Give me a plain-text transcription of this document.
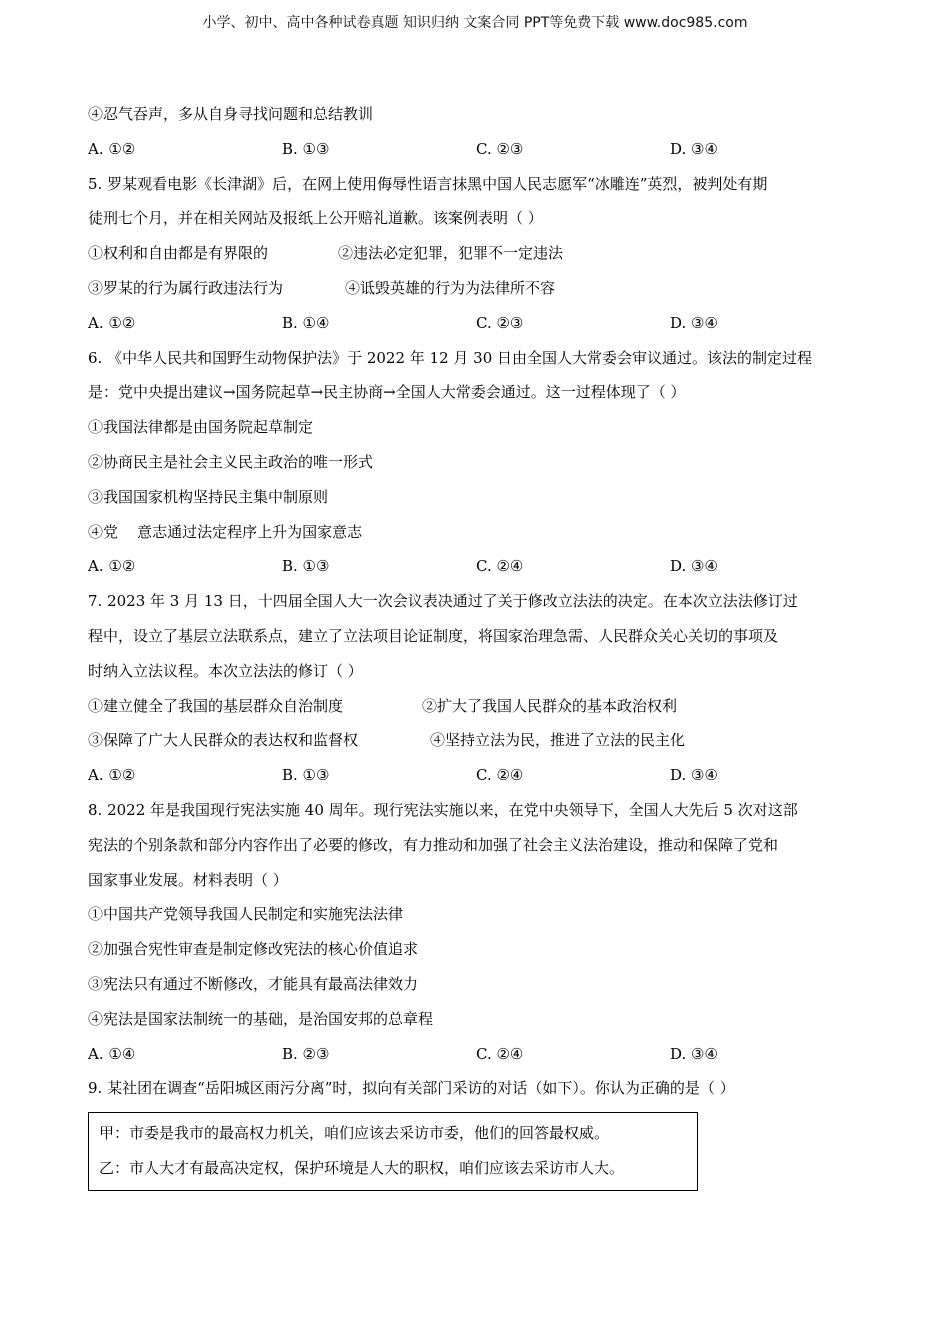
小学、初中、高中各种试卷真题 知识归纳 文案合同 PPT等免费下载 www.doc985.com
④忍气吞声，多从自身寻找问题和总结教训
A. ①②	B. ①③	C. ②③	D. ③④
5. 罗某观看电影《长津湖》后，在网上使用侮辱性语言抹黑中国人民志愿军“冰雕连”英烈，被判处有期
徒刑七个月，并在相关网站及报纸上公开赔礼道歉。该案例表明（ ）
①权利和自由都是有界限的	②违法必定犯罪，犯罪不一定违法
③罗某的行为属行政违法行为	④诋毁英雄的行为为法律所不容
A. ①②	B. ①④	C. ②③	D. ③④
6. 《中华人民共和国野生动物保护法》于 2022 年 12 月 30 日由全国人大常委会审议通过。该法的制定过程
是：党中央提出建议→国务院起草→民主协商→全国人大常委会通过。这一过程体现了（ ）
①我国法律都是由国务院起草制定
②协商民主是社会主义民主政治的唯一形式
③我国国家机构坚持民主集中制原则
④党    意志通过法定程序上升为国家意志
A. ①②	B. ①③	C. ②④	D. ③④
7. 2023 年 3 月 13 日，十四届全国人大一次会议表决通过了关于修改立法法的决定。在本次立法法修订过
程中，设立了基层立法联系点，建立了立法项目论证制度，将国家治理急需、人民群众关心关切的事项及
时纳入立法议程。本次立法法的修订（ ）
①建立健全了我国的基层群众自治制度	②扩大了我国人民群众的基本政治权利
③保障了广大人民群众的表达权和监督权	④坚持立法为民，推进了立法的民主化
A. ①②	B. ①③	C. ②④	D. ③④
8. 2022 年是我国现行宪法实施 40 周年。现行宪法实施以来，在党中央领导下，全国人大先后 5 次对这部
宪法的个别条款和部分内容作出了必要的修改，有力推动和加强了社会主义法治建设，推动和保障了党和
国家事业发展。材料表明（ ）
①中国共产党领导我国人民制定和实施宪法法律
②加强合宪性审查是制定修改宪法的核心价值追求
③宪法只有通过不断修改，才能具有最高法律效力
④宪法是国家法制统一的基础，是治国安邦的总章程
A. ①④	B. ②③	C. ②④	D. ③④
9. 某社团在调查“岳阳城区雨污分离”时，拟向有关部门采访的对话（如下）。你认为正确的是（ ）
甲：市委是我市的最高权力机关，咱们应该去采访市委，他们的回答最权威。
乙：市人大才有最高决定权，保护环境是人大的职权，咱们应该去采访市人大。
